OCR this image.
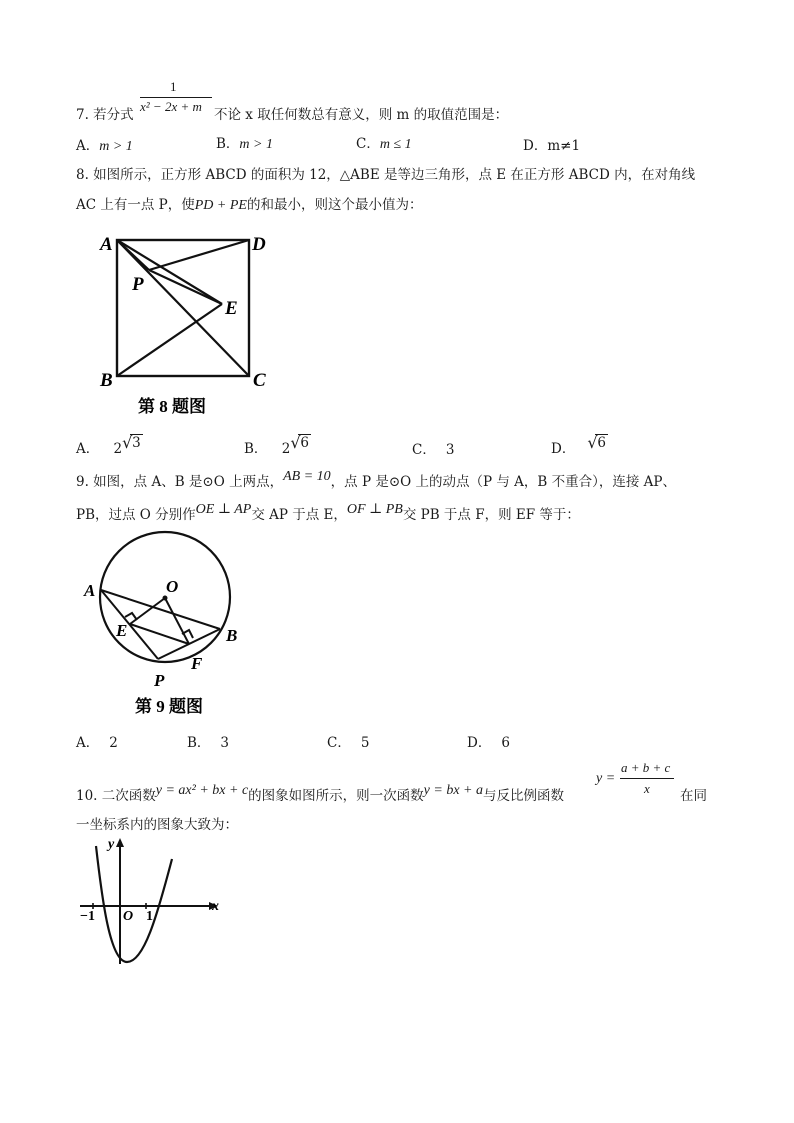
1
7. 若分式
x² − 2x + m
不论 x 取任何数总有意义，则 m 的取值范围是：
A．m > 1	B．m > 1	C．m ≤ 1	D．m≠1
8. 如图所示，正方形 ABCD 的面积为 12，△ABE 是等边三角形，点 E 在正方形 ABCD 内，在对角线
AC 上有一点 P，使PD + PE的和最小，则这个最小值为：
A	D
B	C
E
P
第 8 题图
A． 2 √ 3	B． 2 √ 6	C． 3	D． √ 6
9. 如图，点 A、B 是⊙O 上两点，AB = 10，点 P 是⊙O 上的动点（P 与 A，B 不重合），连接 AP、
PB，过点 O 分别作OE ⊥ AP交 AP 于点 E，OF ⊥ PB交 PB 于点 F，则 EF 等于：
A	O
E	B
F
P
第 9 题图
A． 2	B． 3	C． 5	D． 6
10. 二次函数y = ax² + bx + c的图象如图所示，则一次函数y = bx + a与反比例函数
y =
a + b + c
x 在同
一坐标系内的图象大致为：
−1 O 1
y
x
